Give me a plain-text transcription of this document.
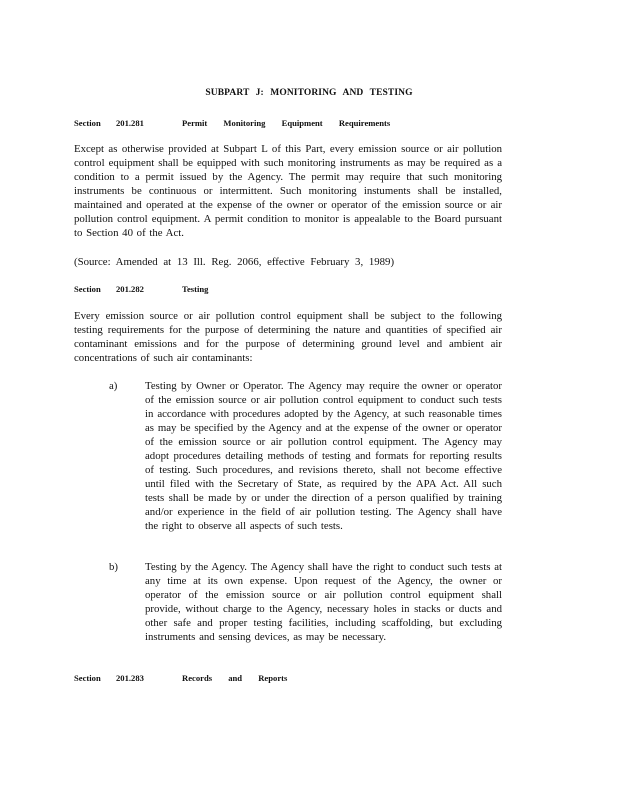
SUBPART J: MONITORING AND TESTING
Section	201.281	Permit Monitoring Equipment Requirements
Except as otherwise provided at Subpart L of this Part, every emission source or air pollution control equipment shall be equipped with such monitoring instruments as may be required as a condition to a permit issued by the Agency. The permit may require that such monitoring instruments be continuous or intermittent. Such monitoring instuments shall be installed, maintained and operated at the expense of the owner or operator of the emission source or air pollution control equipment. A permit condition to monitor is appealable to the Board pursuant to Section 40 of the Act.
(Source: Amended at 13 Ill. Reg. 2066, effective February 3, 1989)
Section	201.282	Testing
Every emission source or air pollution control equipment shall be subject to the following testing requirements for the purpose of determining the nature and quantities of specified air contaminant emissions and for the purpose of determining ground level and ambient air concentrations of such air contaminants:
a)	Testing by Owner or Operator. The Agency may require the owner or operator of the emission source or air pollution control equipment to conduct such tests in accordance with procedures adopted by the Agency, at such reasonable times as may be specified by the Agency and at the expense of the owner or operator of the emission source or air pollution control equipment. The Agency may adopt procedures detailing methods of testing and formats for reporting results of testing. Such procedures, and revisions thereto, shall not become effective until filed with the Secretary of State, as required by the APA Act. All such tests shall be made by or under the direction of a person qualified by training and/or experience in the field of air pollution testing. The Agency shall have the right to observe all aspects of such tests.
b)	Testing by the Agency. The Agency shall have the right to conduct such tests at any time at its own expense. Upon request of the Agency, the owner or operator of the emission source or air pollution control equipment shall provide, without charge to the Agency, necessary holes in stacks or ducts and other safe and proper testing facilities, including scaffolding, but excluding instruments and sensing devices, as may be necessary.
Section	201.283	Records and Reports
